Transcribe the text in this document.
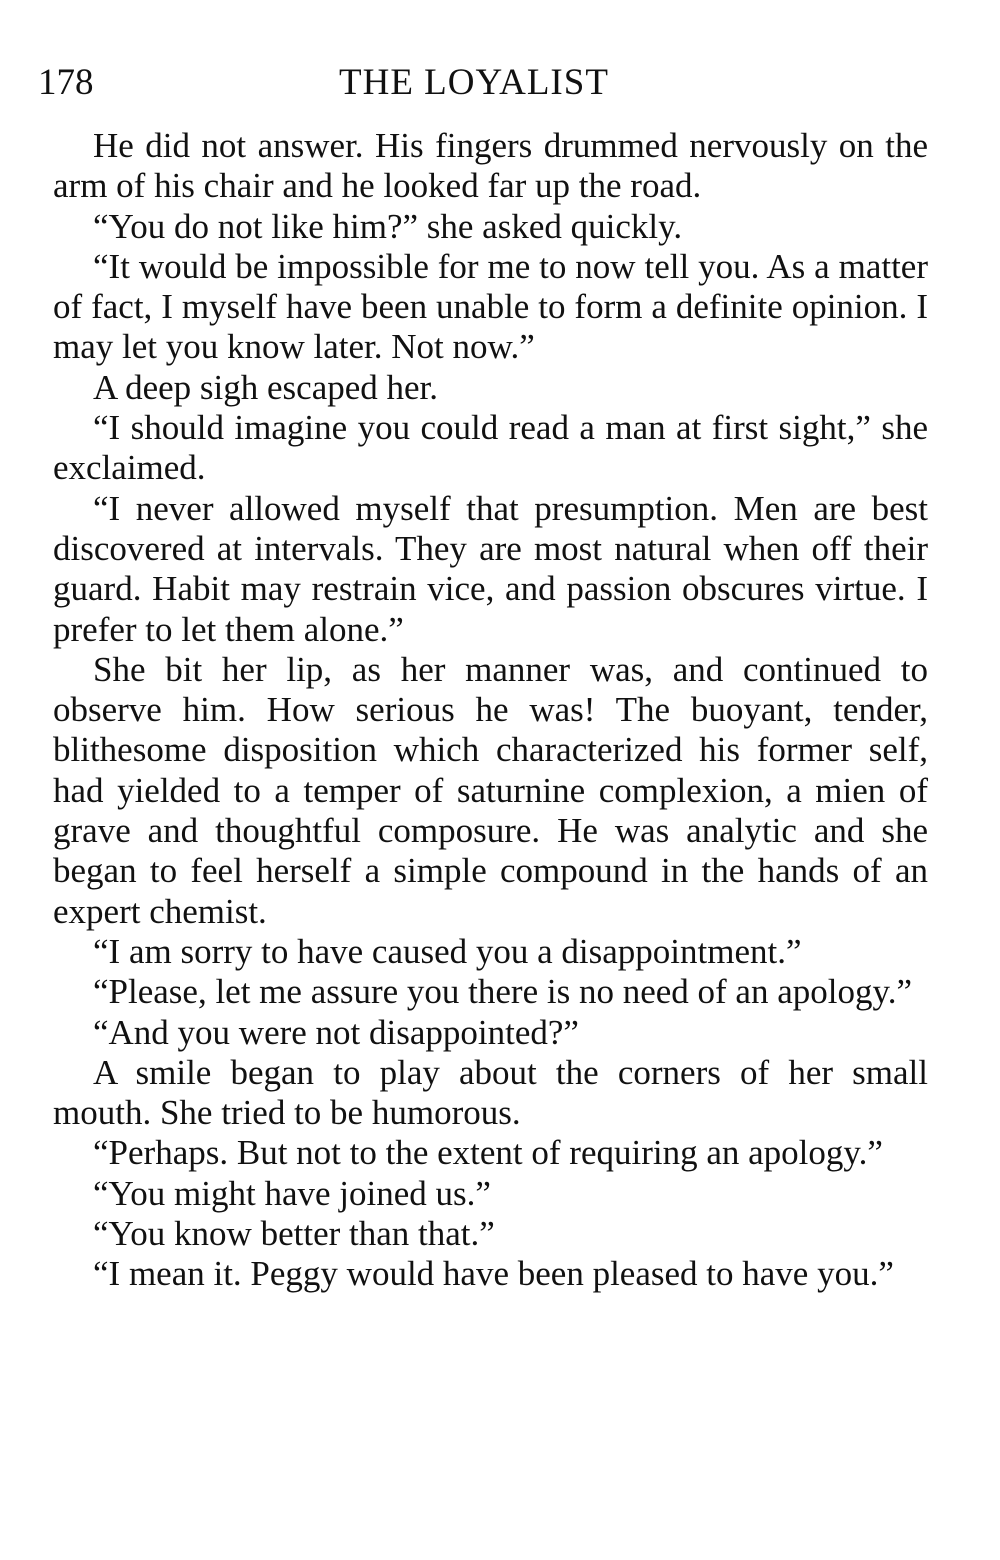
178	THE LOYALIST

He did not answer. His fingers drummed nervously on the arm of his chair and he looked far up the road.

“You do not like him?” she asked quickly.

“It would be impossible for me to now tell you. As a matter of fact, I myself have been unable to form a definite opinion. I may let you know later. Not now.”

A deep sigh escaped her.

“I should imagine you could read a man at first sight,” she exclaimed.

“I never allowed myself that presumption. Men are best discovered at intervals. They are most natural when off their guard. Habit may restrain vice, and passion obscures virtue. I prefer to let them alone.”

She bit her lip, as her manner was, and continued to observe him. How serious he was! The buoyant, tender, blithesome disposition which characterized his former self, had yielded to a temper of saturnine complexion, a mien of grave and thoughtful composure. He was analytic and she began to feel herself a simple compound in the hands of an expert chemist.

“I am sorry to have caused you a disappointment.”

“Please, let me assure you there is no need of an apology.”

“And you were not disappointed?”

A smile began to play about the corners of her small mouth. She tried to be humorous.

“Perhaps. But not to the extent of requiring an apology.”

“You might have joined us.”

“You know better than that.”

“I mean it. Peggy would have been pleased to have you.”
